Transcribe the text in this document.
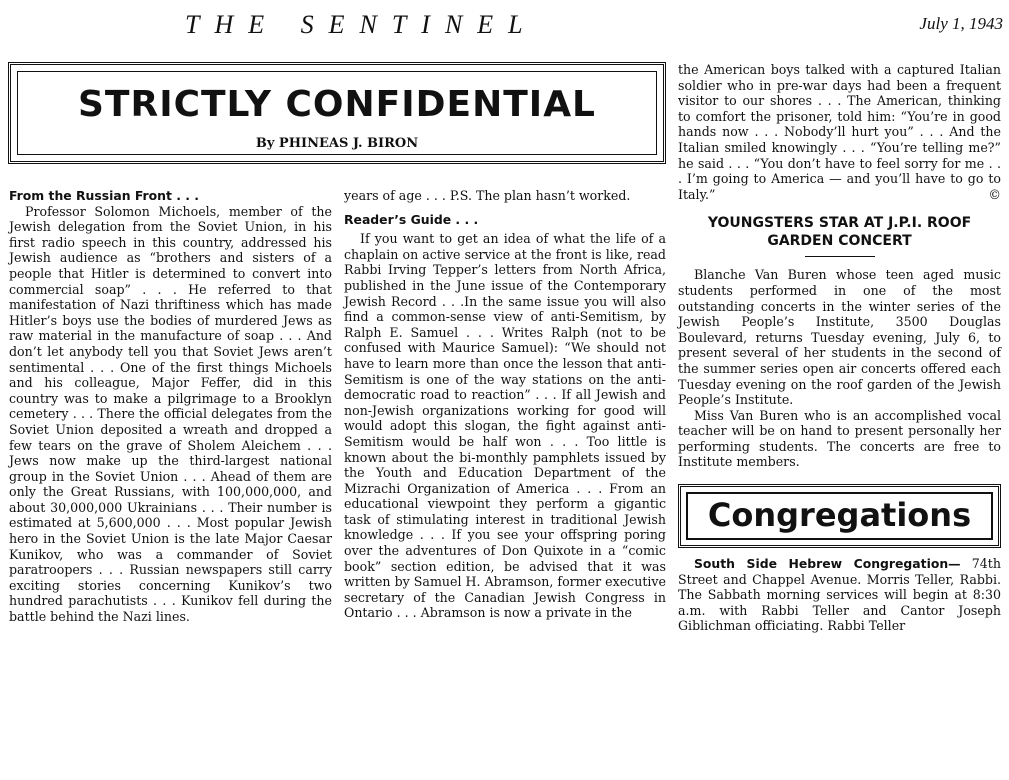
THE SENTINEL	July 1, 1943
STRICTLY CONFIDENTIAL
By PHINEAS J. BIRON

From the Russian Front . . .

Professor Solomon Michoels, member of the Jewish delegation from the Soviet Union, in his first radio speech in this country, addressed his Jewish audience as “brothers and sisters of a people that Hitler is determined to convert into commercial soap” . . . He referred to that manifestation of Nazi thriftiness which has made Hitler’s boys use the bodies of murdered Jews as raw material in the manufacture of soap . . . And don’t let anybody tell you that Soviet Jews aren’t sentimental . . . One of the first things Michoels and his colleague, Major Feffer, did in this country was to make a pilgrimage to a Brooklyn cemetery . . . There the official delegates from the Soviet Union deposited a wreath and dropped a few tears on the grave of Sholem Aleichem . . . Jews now make up the third-largest national group in the Soviet Union . . . Ahead of them are only the Great Russians, with 100,000,000, and about 30,000,000 Ukrainians . . . Their number is estimated at 5,600,000 . . . Most popular Jewish hero in the Soviet Union is the late Major Caesar Kunikov, who was a commander of Soviet paratroopers . . . Russian newspapers still carry exciting stories concerning Kunikov’s two hundred parachutists . . . Kunikov fell during the battle behind the Nazi lines.

years of age . . . P.S. The plan hasn’t worked.

Reader’s Guide . . .

If you want to get an idea of what the life of a chaplain on active service at the front is like, read Rabbi Irving Tepper’s letters from North Africa, published in the June issue of the Contemporary Jewish Record . . .In the same issue you will also find a common-sense view of anti-Semitism, by Ralph E. Samuel . . . Writes Ralph (not to be confused with Maurice Samuel): “We should not have to learn more than once the lesson that anti-Semitism is one of the way stations on the anti-democratic road to reaction” . . . If all Jewish and non-Jewish organizations working for good will would adopt this slogan, the fight against anti-Semitism would be half won . . . Too little is known about the bi-monthly pamphlets issued by the Youth and Education Department of the Mizrachi Organization of America . . . From an educational viewpoint they perform a gigantic task of stimulating interest in traditional Jewish knowledge . . . If you see your offspring poring over the adventures of Don Quixote in a “comic book” section edition, be advised that it was written by Samuel H. Abramson, former executive secretary of the Canadian Jewish Congress in Ontario . . . Abramson is now a private in the

the American boys talked with a captured Italian soldier who in pre-war days had been a frequent visitor to our shores . . . The American, thinking to comfort the prisoner, told him: “You’re in good hands now . . . Nobody’ll hurt you” . . . And the Italian smiled knowingly . . . “You’re telling me?” he said . . . “You don’t have to feel sorry for me . . . I’m going to America — and you’ll have to go to Italy.”	©

YOUNGSTERS STAR AT J.P.I. ROOF GARDEN CONCERT

Blanche Van Buren whose teen aged music students performed in one of the most outstanding concerts in the winter series of the Jewish People’s Institute, 3500 Douglas Boulevard, returns Tuesday evening, July 6, to present several of her students in the second of the summer series open air concerts offered each Tuesday evening on the roof garden of the Jewish People’s Institute.

Miss Van Buren who is an accomplished vocal teacher will be on hand to present personally her performing students. The concerts are free to Institute members.

Congregations

South Side Hebrew Congregation— 74th Street and Chappel Avenue. Morris Teller, Rabbi. The Sabbath morning services will begin at 8:30 a.m. with Rabbi Teller and Cantor Joseph Giblichman officiating. Rabbi Teller
